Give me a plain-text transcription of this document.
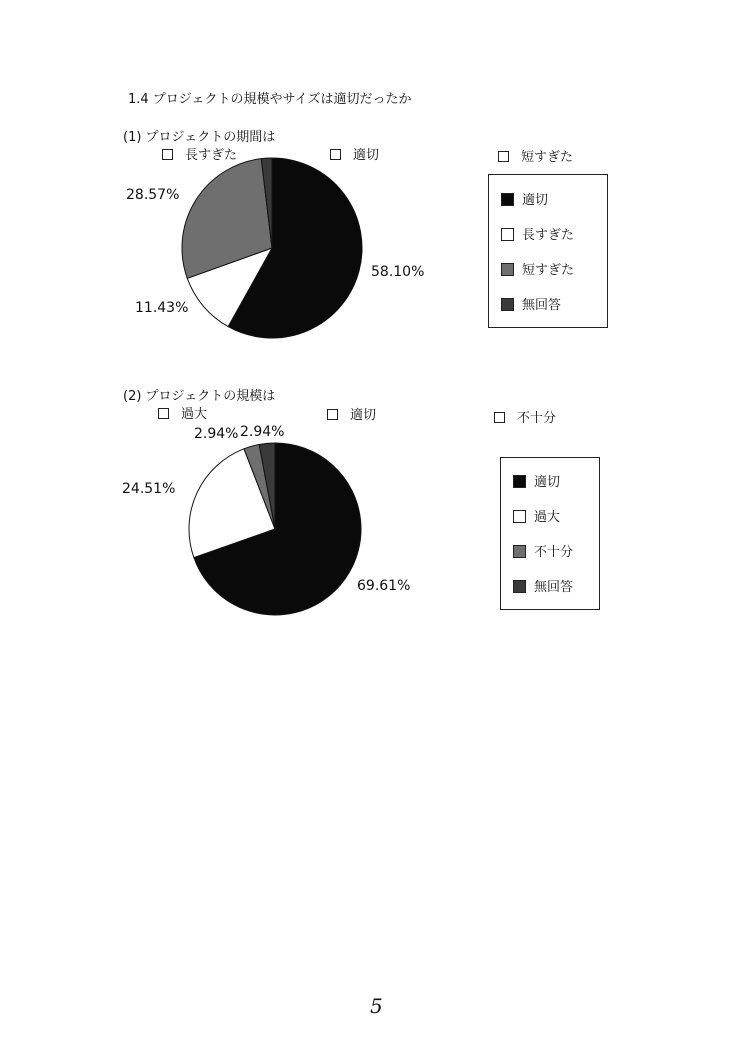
1.4 プロジェクトの規模やサイズは適切だったか
(1) プロジェクトの期間は
長すぎた	適切	短すぎた
28.57%
58.10%
11.43%
適切
長すぎた
短すぎた
無回答
(2) プロジェクトの規模は
過大	適切	不十分
2.94% 2.94%
24.51%
69.61%
適切
過大
不十分
無回答
5
